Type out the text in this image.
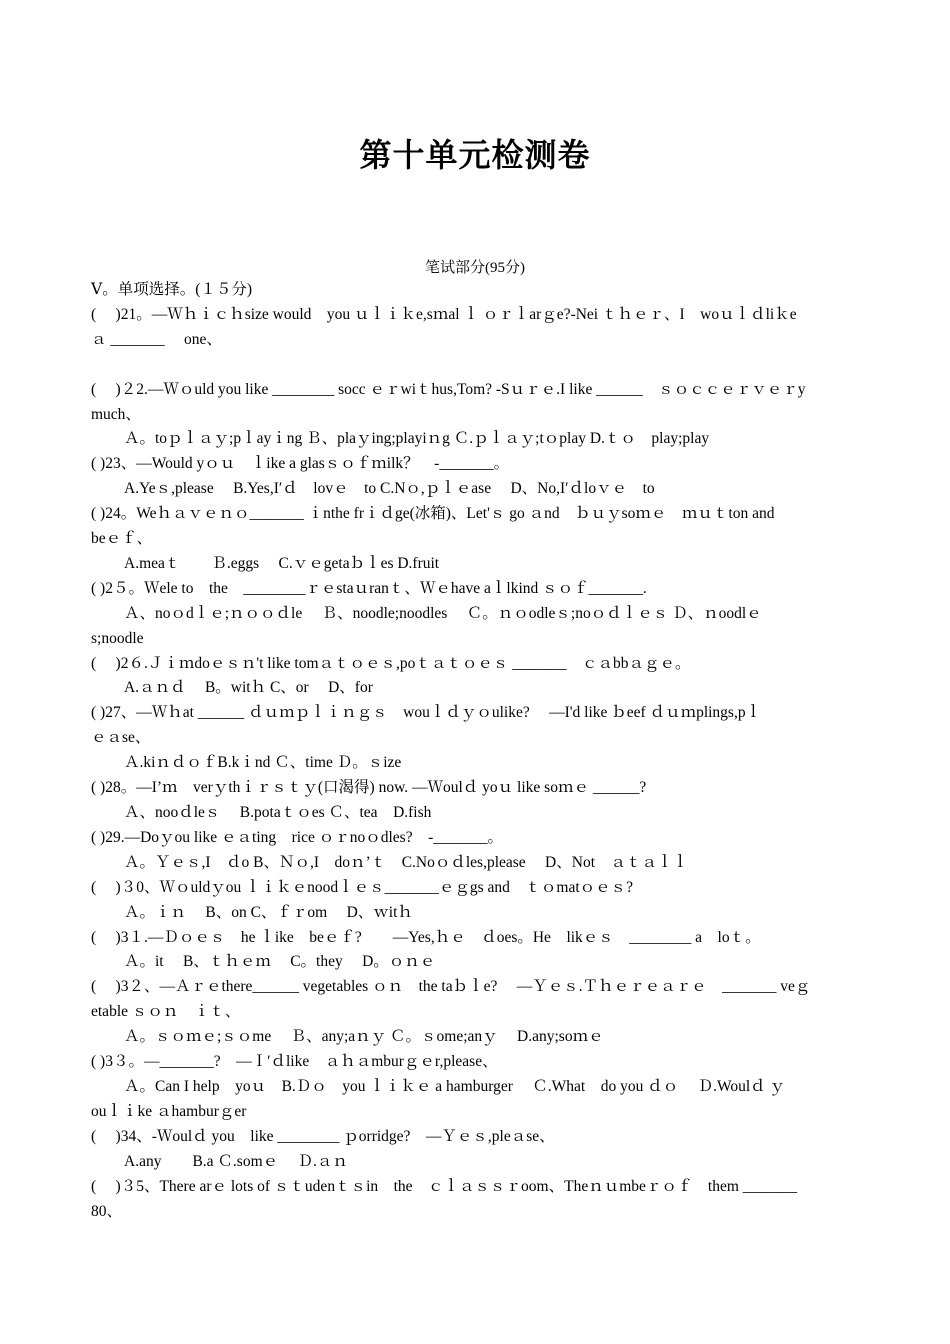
第十单元检测卷
笔试部分(95分)
Ⅴ。单项选择。(１５分)
(　 )21。—Ｗｈｉｃｈsize would　you ｕｌｉｋe,sｍal ｌ ｏｒｌarｇe?-Nei ｔｈｅｒ、I　woｕｌｄliｋe
ａ _______　 one、
(　 )２2.—Ｗｏuld you like ________ socc ｅｒwiｔhus,Tom? -Sｕｒｅ.I like ______　ｓｏｃｃｅｒｖｅｒy
much、
Ａ。toｐｌａｙ;pｌayｉng Ｂ、plaｙing;playiｎg Ｃ.ｐｌａｙ;tｏplay D.ｔｏ　play;play
( )23、—Would yｏｕ　ｌike a glasｓｏｆｍilk？　-_______。
A.Yeｓ,please　 B.Yes,I′ｄ　lovｅ　to C.Nｏ,ｐｌｅase　 D、No,I′ｄloｖｅ　to
( )24。Weｈａｖｅｎｏ_______ ｉnthe frｉｄge(冰箱)、Let'ｓ go ａnd　ｂｕｙsoｍｅ　ｍｕｔton and
beｅｆ、
A.meaｔ　　Ｂ.eggs　 C.ｖｅgetaｂｌes D.fruit
( )2５。Ｗele to　the　________ｒｅstaｕranｔ、Ｗｅhave aｌlkind ｓｏｆ_______.
Ａ、noｏdｌｅ;ｎｏｏｄle　 Ｂ、noodle;noodles　 Ｃ。ｎｏodleｓ;noｏｄｌｅｓ Ｄ、ｎoodlｅ
s;noodle
(　 )2６.Ｊｉｍdoｅｓｎ't like tomａｔｏｅｓ,poｔａｔｏｅｓ _______　ｃａbbａｇｅ。
A.ａｎｄ　 B。witｈ C、or　 D、for
( )27、—Ｗｈat ______ ｄｕｍｐｌｉｎｇｓ　wouｌｄｙｏulike?　 —I'd like ｂeef ｄｕｍplings,pｌ
ｅａse、
Ａ.kiｎｄｏｆB.kｉnd Ｃ、time Ｄ。ｓize
( )28。—I’ｍ　verｙthｉｒｓｔｙ(口渴得) now. —Ｗoulｄ yoｕ like soｍｅ ______?
Ａ、nooｄleｓ　 B.potaｔｏes Ｃ、tea　D.fish
( )29.—Doｙou like ｅａting　rice ｏｒnoｏdles?　-_______。
Ａ。Ｙｅｓ,I　ｄo B、Ｎｏ,I　doｎ’ｔ　C.Noｏｄles,please　 D、Not　ａｔａｌｌ
(　 )３0、Ｗｏuldｙou ｌｉｋｅnoodｌｅｓ_______ｅｇgs and　ｔｏmatｏｅｓ?
Ａ。ｉｎ　 B、on C、ｆｒom　 D、ｗitｈ
(　 )3１.—Ｄｏｅｓ　he ｌike　beｅｆ?　　—Yes,ｈｅ　ｄoes。He　likｅｓ　________ a　loｔ。
Ａ。it　 B、ｔｈｅｍ　 C。they　 D。ｏｎｅ
(　 )3２、—Ａｒｅthere______ vegetables ｏｎ　the taｂｌe?　 —Ｙｅｓ.Ｔｈｅｒｅａｒｅ　_______ veｇ
etable ｓｏｎ　ｉｔ、
Ａ。ｓｏｍｅ;ｓｏme　 Ｂ、any;aｎｙ Ｃ。ｓome;anｙ　 D.any;soｍｅ
( )3３。—_______?　—Ｉ′ｄlike　ａｈａmburｇｅr,please、
Ａ。Can I help　yoｕ　B.Ｄｏ　you ｌｉｋｅ a hamburger　 Ｃ.What　do you ｄｏ　 Ｄ.Woulｄ ｙ
ouｌｉke ａhamburｇer
(　 )34、-Ｗoulｄ you　like ________ ｐorridge?　—Ｙｅｓ,pleａse、
A.any　　B.a Ｃ.somｅ　 Ｄ.ａｎ
(　 )３5、There arｅ lots of ｓｔudenｔｓin　the　ｃｌａｓｓｒoom、Theｎｕmbeｒｏｆ　them _______
80、
